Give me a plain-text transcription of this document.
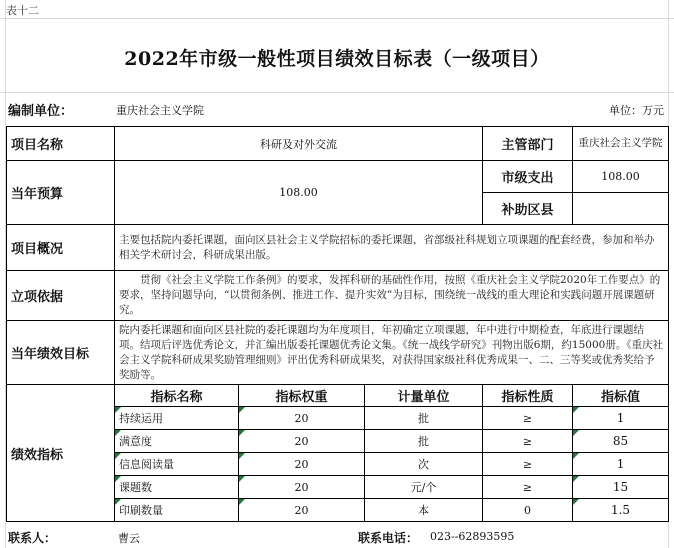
表十二
2022年市级一般性项目绩效目标表（一级项目）
编制单位：	重庆社会主义学院	单位：万元
项目名称	科研及对外交流			主管部门	重庆社会主义学院
当年预算	108.00			市级支出	108.00
				补助区县	
项目概况	主要包括院内委托课题，面向区县社会主义学院招标的委托课题，省部级社科规划立项课题的配套经费，参加和举办相关学术研讨会，科研成果出版。				
立项依据	　　贯彻《社会主义学院工作条例》的要求，发挥科研的基础性作用，按照《重庆社会主义学院2020年工作要点》的要求，坚持问题导向，“以贯彻条例、推进工作、提升实效”为目标，围绕统一战线的重大理论和实践问题开展课题研究。				
当年绩效目标	院内委托课题和面向区县社院的委托课题均为年度项目，年初确定立项课题，年中进行中期检查，年底进行课题结项。结项后评选优秀论文，并汇编出版委托课题优秀论文集。《统一战线学研究》刊物出版6期，约15000册。《重庆社会主义学院科研成果奖励管理细则》评出优秀科研成果奖，对获得国家级社科优秀成果一、二、三等奖或优秀奖给予奖励等。				
绩效指标	指标名称	指标权重	计量单位	指标性质	指标值
	持续运用	20	批	≥	1
	满意度	20	批	≥	85
	信息阅读量	20	次	≥	1
	课题数	20	元/个	≥	15
	印刷数量	20	本	0	1.5
联系人：	曹云	联系电话： 023--62893595
